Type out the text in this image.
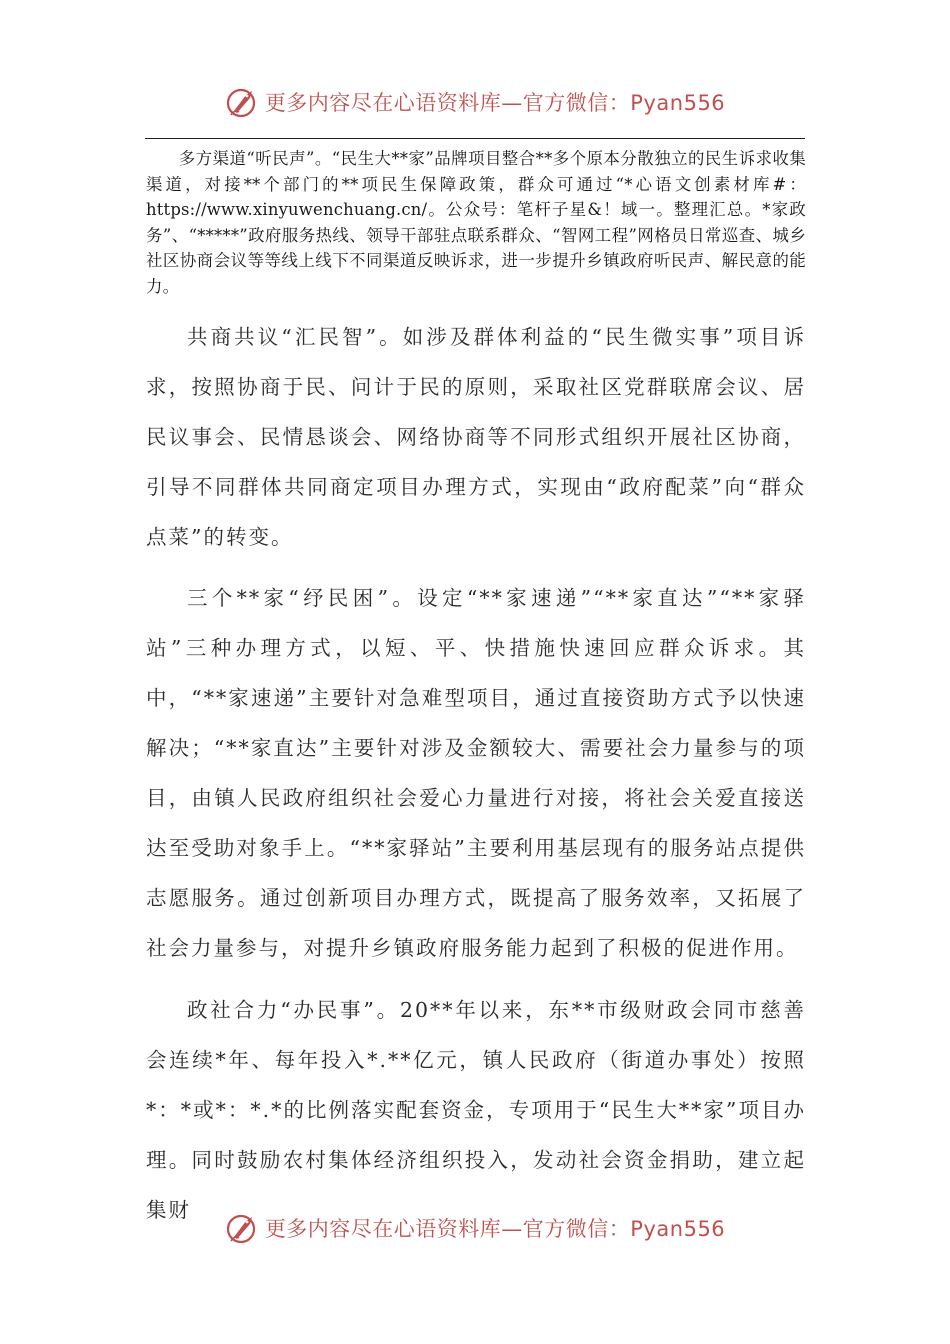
更多内容尽在心语资料库—官方微信：Pyan556

多方渠道“听民声”。“民生大**家”品牌项目整合**多个原本分散独立的民生诉求收集渠道，对接**个部门的**项民生保障政策，群众可通过“*心语文创素材库#：https://www.xinyuwenchuang.cn/。公众号：笔杆子星&！域一。整理汇总。*家政务”、“*****”政府服务热线、领导干部驻点联系群众、“智网工程”网格员日常巡查、城乡社区协商会议等等线上线下不同渠道反映诉求，进一步提升乡镇政府听民声、解民意的能力。

共商共议“汇民智”。如涉及群体利益的“民生微实事”项目诉求，按照协商于民、问计于民的原则，采取社区党群联席会议、居民议事会、民情恳谈会、网络协商等不同形式组织开展社区协商，引导不同群体共同商定项目办理方式，实现由“政府配菜”向“群众点菜”的转变。

三个**家“纾民困”。设定“**家速递”“**家直达”“**家驿站”三种办理方式，以短、平、快措施快速回应群众诉求。其中，“**家速递”主要针对急难型项目，通过直接资助方式予以快速解决；“**家直达”主要针对涉及金额较大、需要社会力量参与的项目，由镇人民政府组织社会爱心力量进行对接，将社会关爱直接送达至受助对象手上。“**家驿站”主要利用基层现有的服务站点提供志愿服务。通过创新项目办理方式，既提高了服务效率，又拓展了社会力量参与，对提升乡镇政府服务能力起到了积极的促进作用。

政社合力“办民事”。20**年以来，东**市级财政会同市慈善会连续*年、每年投入*.**亿元，镇人民政府（街道办事处）按照*：*或*：*.*的比例落实配套资金，专项用于“民生大**家”项目办理。同时鼓励农村集体经济组织投入，发动社会资金捐助，建立起集财

更多内容尽在心语资料库—官方微信：Pyan556
